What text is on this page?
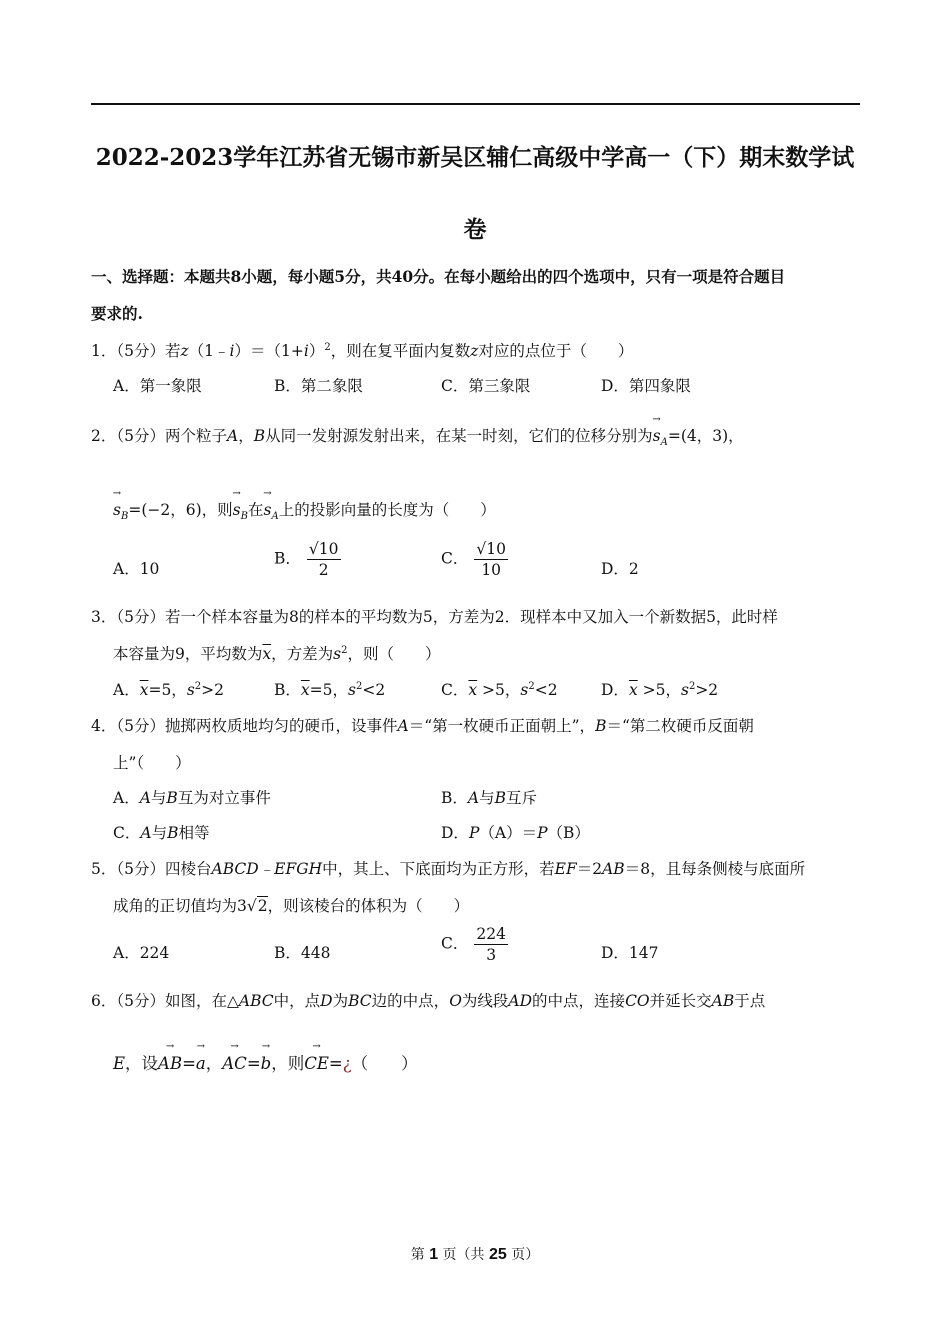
2022-2023学年江苏省无锡市新吴区辅仁高级中学高一（下）期末数学试
卷
一、选择题：本题共8小题，每小题5分，共40分。在每小题给出的四个选项中，只有一项是符合题目
要求的.
1．（5分）若$z(1﹣i)=(1+i)^2$，则在复平面内复数z对应的点位于（　　）
A．第一象限	B．第二象限	C．第三象限	D．第四象限
2．（5分）两个粒子A，B从同一发射源发射出来，在某一时刻，它们的位移分别为→ $s_A=(4$，3)，
→ $s_B=(-2$，6)，则→ $s_B$在→ $s_A$上的投影向量的长度为（　　）
A．10
B． $\frac{√10}{2}$	C． $\frac{√10}{10}$	D．2
3．（5分）若一个样本容量为8的样本的平均数为5，方差为2．现样本中又加入一个新数据5，此时样
本容量为9，平均数为$\overline{x}$，方差为$s^2$，则（　　）
A．$\overline{x}=5$，$s^2>2$	B．$\overline{x}=5$，$s^2<2$	C．$\overline{x} >5$，$s^2<2$	D．$\overline{x} >5$，$s^2>2$
4．（5分）抛掷两枚质地均匀的硬币，设事件A＝“第一枚硬币正面朝上”，B＝“第二枚硬币反面朝
上”（　　）
A．A与B互为对立事件	B．A与B互斥
C．A与B相等	D．P（A）＝P（B）
5．（5分）四棱台ABCD﹣EFGH中，其上、下底面均为正方形，若EF＝2AB＝8，且每条侧棱与底面所
成角的正切值均为3√2，则该棱台的体积为（　　）
A．224	B．448
C． $\frac{224}{3}$	D．147
6．（5分）如图，在△ABC中，点D为BC边的中点，O为线段AD的中点，连接CO并延长交AB于点
E，设→ AB=→ a，→ AC=→ b，则→ CE=¿（　　）
第 1 页（共 25 页）
